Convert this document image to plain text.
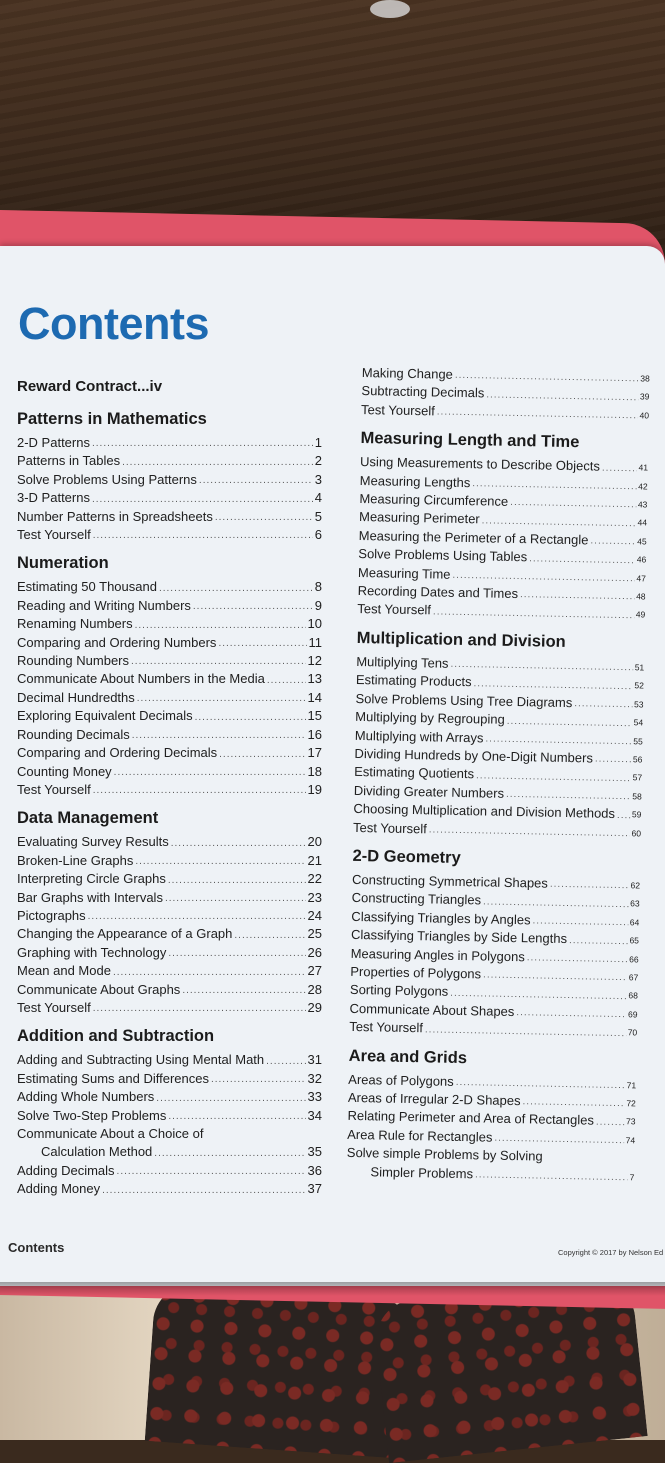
Contents
Reward Contract...iv
Patterns in Mathematics
2-D Patterns .....	1
Patterns in Tables .....	2
Solve Problems Using Patterns .....	3
3-D Patterns .....	4
Number Patterns in Spreadsheets .....	5
Test Yourself .....	6
Numeration
Estimating 50 Thousand .....	8
Reading and Writing Numbers .....	9
Renaming Numbers .....	10
Comparing and Ordering Numbers .....	11
Rounding Numbers .....	12
Communicate About Numbers in the Media .....	13
Decimal Hundredths .....	14
Exploring Equivalent Decimals .....	15
Rounding Decimals .....	16
Comparing and Ordering Decimals .....	17
Counting Money .....	18
Test Yourself .....	19
Data Management
Evaluating Survey Results .....	20
Broken-Line Graphs .....	21
Interpreting Circle Graphs .....	22
Bar Graphs with Intervals .....	23
Pictographs .....	24
Changing the Appearance of a Graph .....	25
Graphing with Technology .....	26
Mean and Mode .....	27
Communicate About Graphs .....	28
Test Yourself .....	29
Addition and Subtraction
Adding and Subtracting Using Mental Math .....	31
Estimating Sums and Differences .....	32
Adding Whole Numbers .....	33
Solve Two-Step Problems .....	34
Communicate About a Choice of
Calculation Method .....	35
Adding Decimals .....	36
Adding Money .....	37
Making Change .....	38
Subtracting Decimals .....	39
Test Yourself .....	40
Measuring Length and Time
Using Measurements to Describe Objects .....	41
Measuring Lengths .....	42
Measuring Circumference .....	43
Measuring Perimeter .....	44
Measuring the Perimeter of a Rectangle .....	45
Solve Problems Using Tables .....	46
Measuring Time .....	47
Recording Dates and Times .....	48
Test Yourself .....	49
Multiplication and Division
Multiplying Tens .....	51
Estimating Products .....	52
Solve Problems Using Tree Diagrams .....	53
Multiplying by Regrouping .....	54
Multiplying with Arrays .....	55
Dividing Hundreds by One-Digit Numbers .....	56
Estimating Quotients .....	57
Dividing Greater Numbers .....	58
Choosing Multiplication and Division Methods ..... 59
Test Yourself .....	60
2-D Geometry
Constructing Symmetrical Shapes .....	62
Constructing Triangles .....	63
Classifying Triangles by Angles .....	64
Classifying Triangles by Side Lengths .....	65
Measuring Angles in Polygons .....	66
Properties of Polygons .....	67
Sorting Polygons .....	68
Communicate About Shapes .....	69
Test Yourself .....	70
Area and Grids
Areas of Polygons .....	71
Areas of Irregular 2-D Shapes .....	72
Relating Perimeter and Area of Rectangles .....	73
Area Rule for Rectangles .....	74
Solve simple Problems by Solving
Simpler Problems .....	7
Contents	Copyright © 2017 by Nelson Ed
